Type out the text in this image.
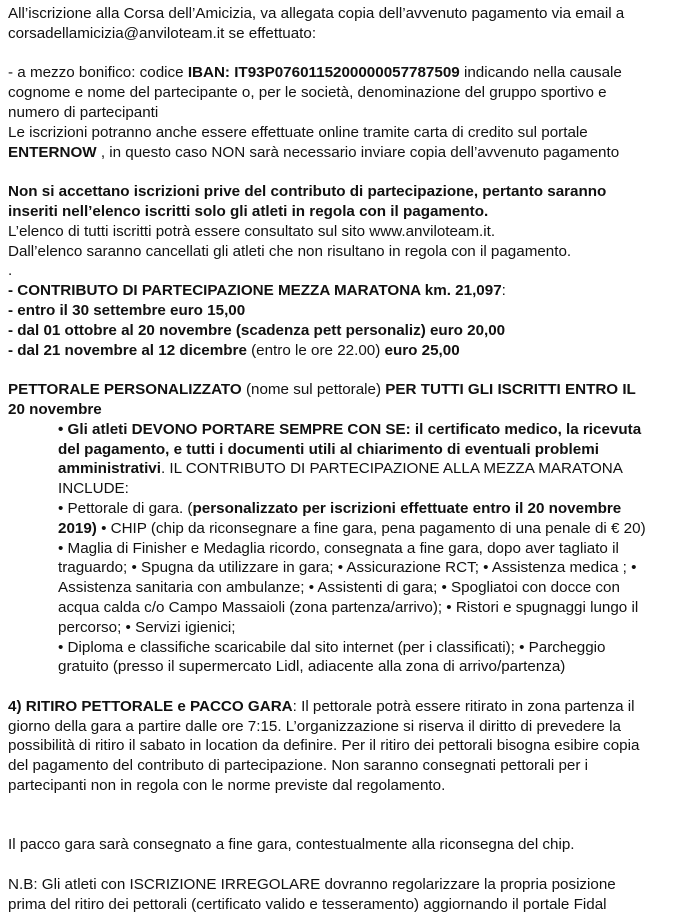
All’iscrizione alla Corsa dell’Amicizia, va allegata copia dell’avvenuto pagamento via email a

corsadellamicizia@anviloteam.it se effettuato:

- a mezzo bonifico: codice IBAN: IT93P0760115200000057787509 indicando nella causale

cognome e nome del partecipante o, per le società, denominazione del gruppo sportivo e

numero di partecipanti

Le iscrizioni potranno anche essere effettuate online tramite carta di credito sul portale

ENTERNOW , in questo caso NON sarà necessario inviare copia dell’avvenuto pagamento

Non si accettano iscrizioni prive del contributo di partecipazione, pertanto saranno

inseriti nell’elenco iscritti solo gli atleti in regola con il pagamento.

L’elenco di tutti iscritti potrà essere consultato sul sito www.anviloteam.it.

Dall’elenco saranno cancellati gli atleti che non risultano in regola con il pagamento.

.

- CONTRIBUTO DI PARTECIPAZIONE MEZZA MARATONA km. 21,097:

- entro il 30 settembre euro 15,00

- dal 01 ottobre al 20 novembre (scadenza pett personaliz) euro 20,00

- dal 21 novembre al 12 dicembre (entro le ore 22.00) euro 25,00

PETTORALE PERSONALIZZATO (nome sul pettorale) PER TUTTI GLI ISCRITTI ENTRO IL

20 novembre

• Gli atleti DEVONO PORTARE SEMPRE CON SE: il certificato medico, la ricevuta

del pagamento, e tutti i documenti utili al chiarimento di eventuali problemi

amministrativi. IL CONTRIBUTO DI PARTECIPAZIONE ALLA MEZZA MARATONA

INCLUDE:

• Pettorale di gara. (personalizzato per iscrizioni effettuate entro il 20 novembre

2019) • CHIP (chip da riconsegnare a fine gara, pena pagamento di una penale di € 20)

• Maglia di Finisher e Medaglia ricordo, consegnata a fine gara, dopo aver tagliato il

traguardo; • Spugna da utilizzare in gara; • Assicurazione RCT; • Assistenza medica ; •

Assistenza sanitaria con ambulanze; • Assistenti di gara; • Spogliatoi con docce con

acqua calda c/o Campo Massaioli (zona partenza/arrivo); • Ristori e spugnaggi lungo il

percorso; • Servizi igienici;

• Diploma e classifiche scaricabile dal sito internet (per i classificati); • Parcheggio

gratuito (presso il supermercato Lidl, adiacente alla zona di arrivo/partenza)

4) RITIRO PETTORALE e PACCO GARA: Il pettorale potrà essere ritirato in zona partenza il

giorno della gara a partire dalle ore 7:15. L’organizzazione si riserva il diritto di prevedere la

possibilità di ritiro il sabato in location da definire. Per il ritiro dei pettorali bisogna esibire copia

del pagamento del contributo di partecipazione. Non saranno consegnati pettorali per i

partecipanti non in regola con le norme previste dal regolamento.

Il pacco gara sarà consegnato a fine gara, contestualmente alla riconsegna del chip.

N.B: Gli atleti con ISCRIZIONE IRREGOLARE dovranno regolarizzare la propria posizione

prima del ritiro dei pettorali (certificato valido e tesseramento) aggiornando il portale Fidal
